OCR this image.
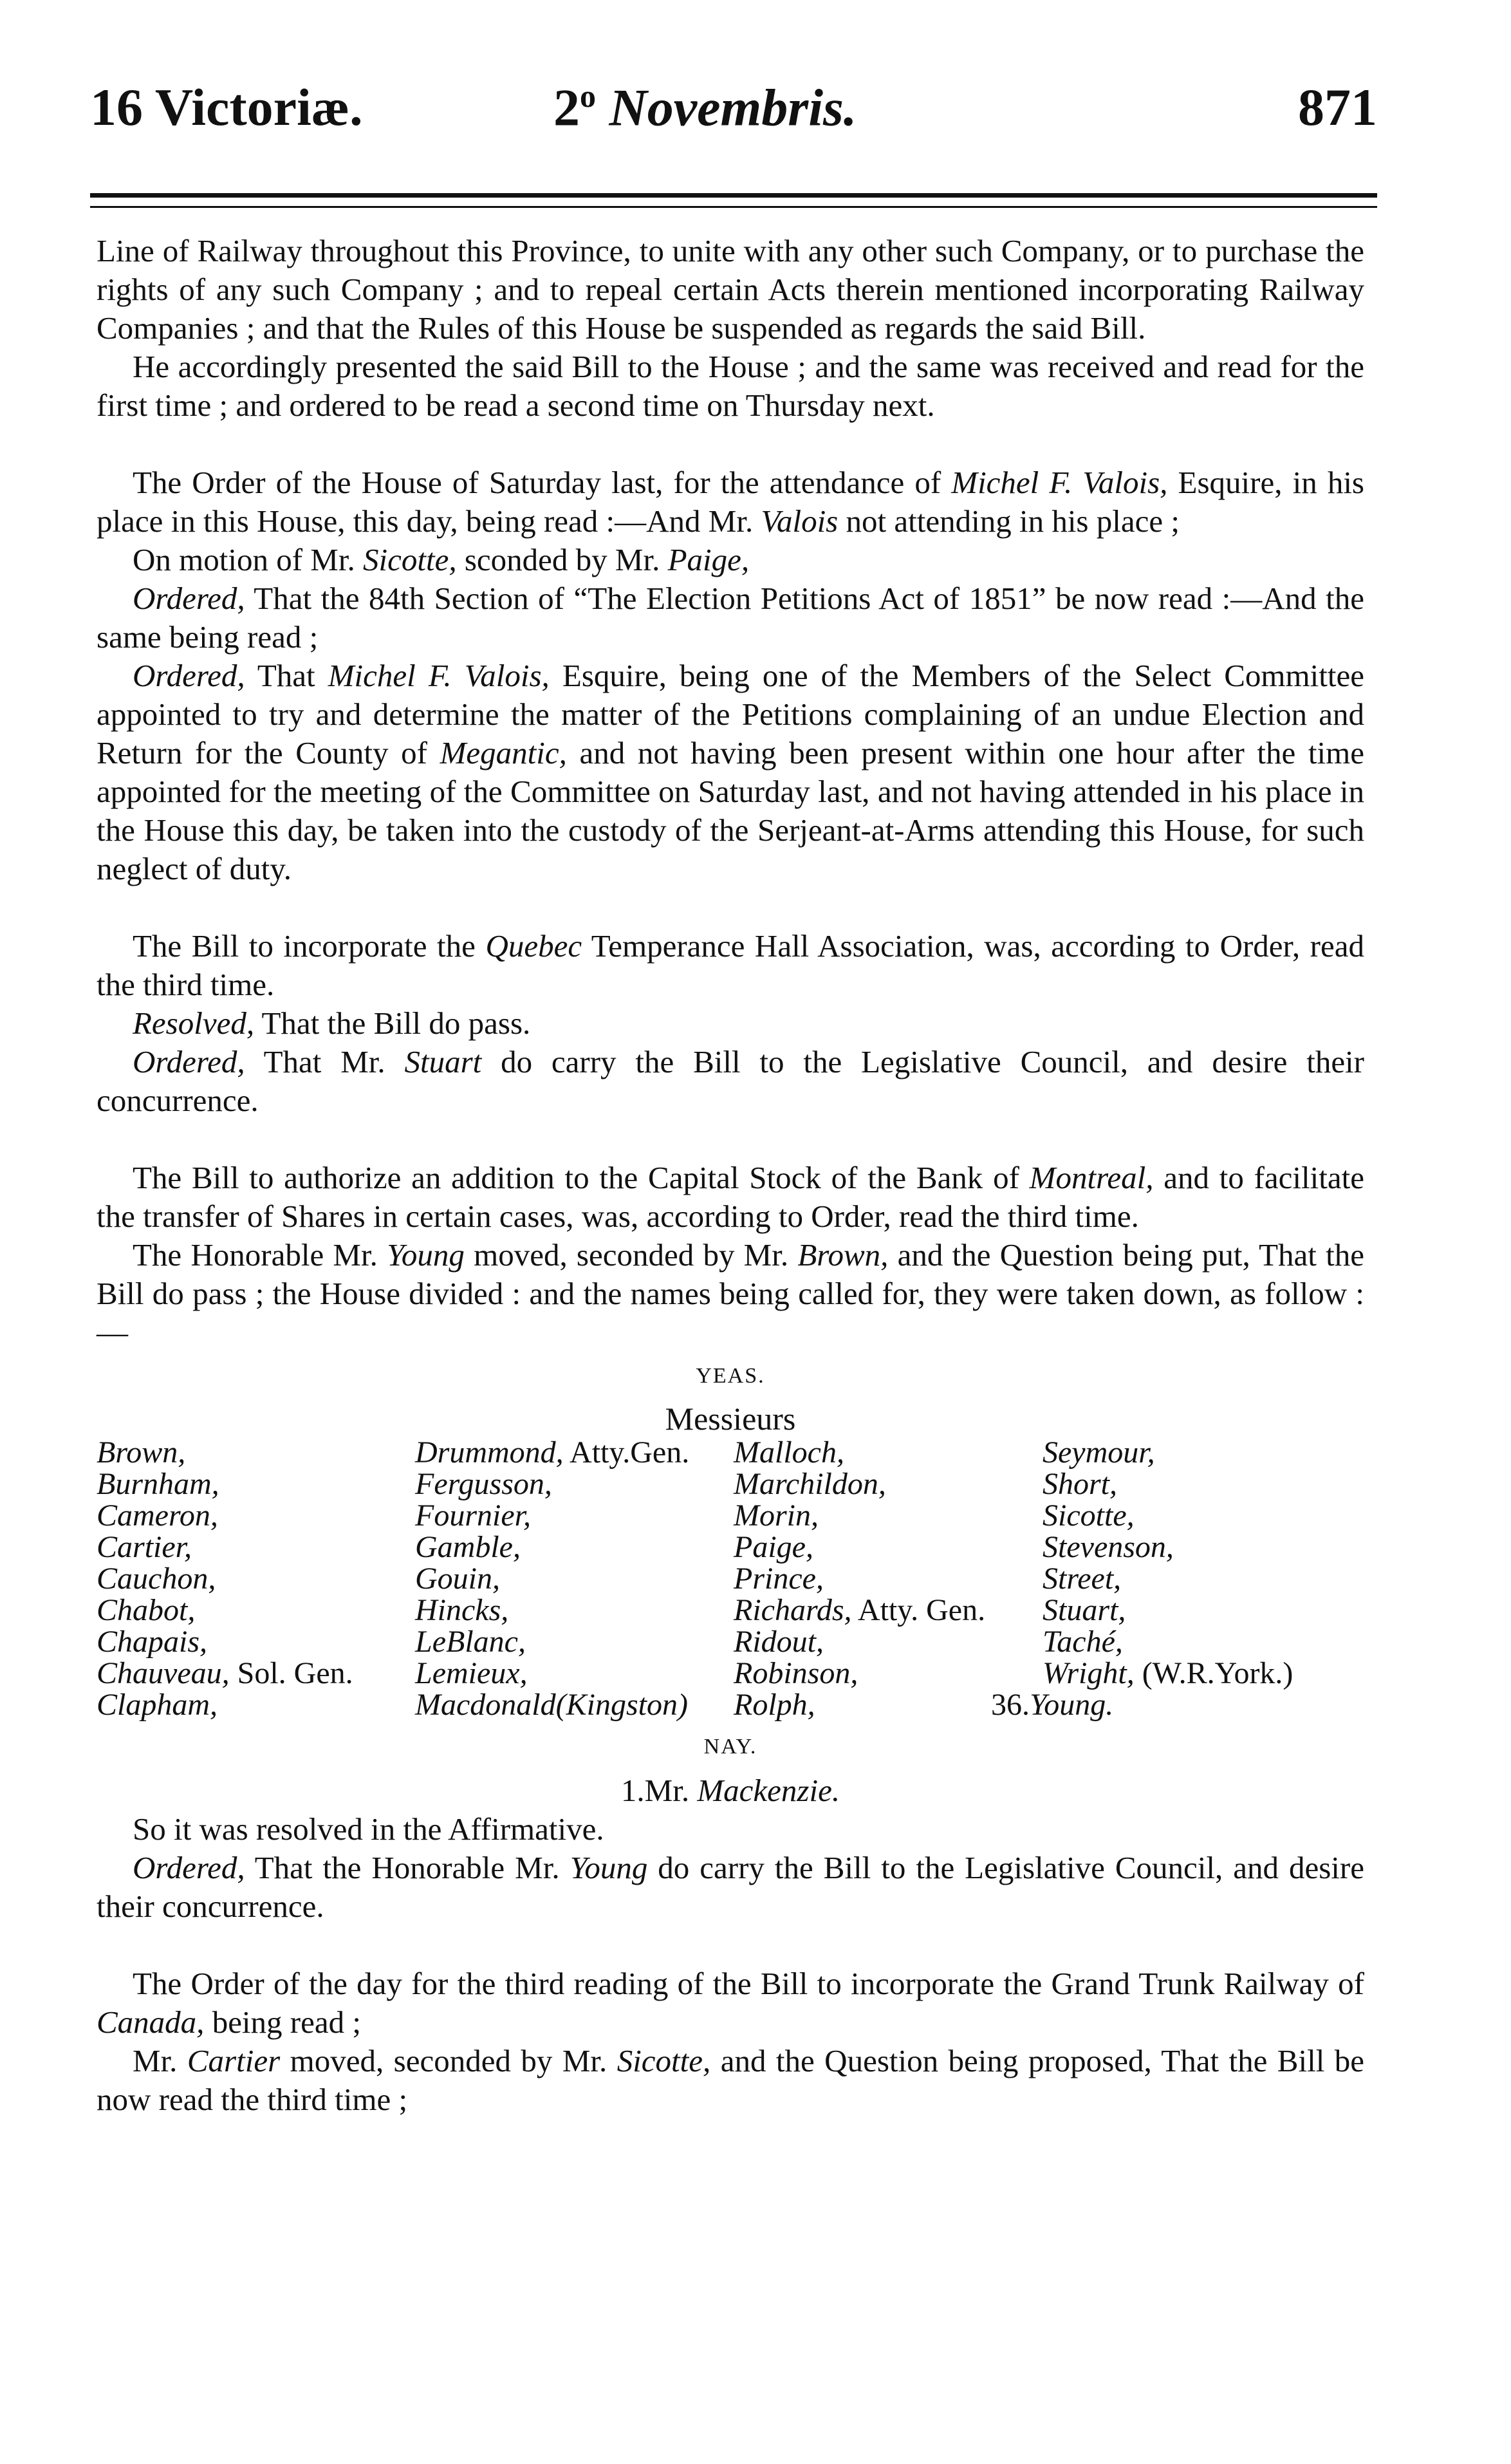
16 Victoriæ.	2$^o$ Novembris.	871

Line of Railway throughout this Province, to unite with any other such Company, or to purchase the rights of any such Company ; and to repeal certain Acts therein mentioned incorporating Railway Companies ; and that the Rules of this House be suspended as regards the said Bill.

He accordingly presented the said Bill to the House ; and the same was received and read for the first time ; and ordered to be read a second time on Thursday next.

The Order of the House of Saturday last, for the attendance of Michel F. Valois, Esquire, in his place in this House, this day, being read :—And Mr. Valois not attending in his place ;

On motion of Mr. Sicotte, sconded by Mr. Paige,

Ordered, That the 84th Section of “The Election Petitions Act of 1851” be now read :—And the same being read ;

Ordered, That Michel F. Valois, Esquire, being one of the Members of the Select Committee appointed to try and determine the matter of the Petitions complaining of an undue Election and Return for the County of Megantic, and not having been present within one hour after the time appointed for the meeting of the Committee on Saturday last, and not having attended in his place in the House this day, be taken into the custody of the Serjeant-at-Arms attending this House, for such neglect of duty.

The Bill to incorporate the Quebec Temperance Hall Association, was, according to Order, read the third time.

Resolved, That the Bill do pass.

Ordered, That Mr. Stuart do carry the Bill to the Legislative Council, and desire their concurrence.

The Bill to authorize an addition to the Capital Stock of the Bank of Montreal, and to facilitate the transfer of Shares in certain cases, was, according to Order, read the third time.

The Honorable Mr. Young moved, seconded by Mr. Brown, and the Question being put, That the Bill do pass ; the House divided : and the names being called for, they were taken down, as follow :—

YEAS.
Messieurs
Brown,
Burnham,
Cameron,
Cartier,
Cauchon,
Chabot,
Chapais,
Chauveau, Sol. Gen.
Clapham,
Drummond, Atty.Gen.
Fergusson,
Fournier,
Gamble,
Gouin,
Hincks,
LeBlanc,
Lemieux,
Macdonald(Kingston)
Malloch,
Marchildon,
Morin,
Paige,
Prince,
Richards, Atty. Gen.
Ridout,
Robinson,
Rolph,
Seymour,
Short,
Sicotte,
Stevenson,
Street,
Stuart,
Taché,
Wright, (W.R.York.)
36.Young.
NAY.
1.Mr. Mackenzie.

So it was resolved in the Affirmative.

Ordered, That the Honorable Mr. Young do carry the Bill to the Legislative Council, and desire their concurrence.

The Order of the day for the third reading of the Bill to incorporate the Grand Trunk Railway of Canada, being read ;

Mr. Cartier moved, seconded by Mr. Sicotte, and the Question being proposed, That the Bill be now read the third time ;
